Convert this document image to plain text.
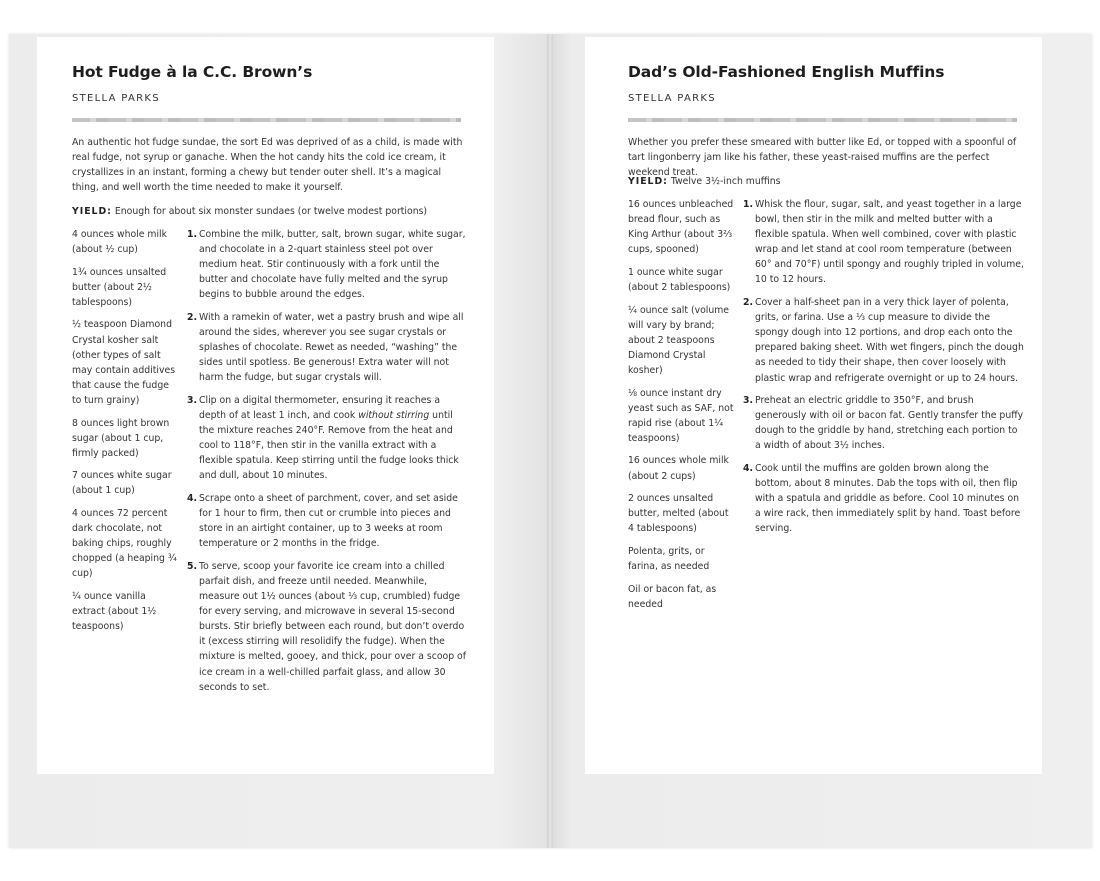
Hot Fudge à la C.C. Brown’s
STELLA PARKS

An authentic hot fudge sundae, the sort Ed was deprived of as a child, is made with real fudge, not syrup or ganache. When the hot candy hits the cold ice cream, it crystallizes in an instant, forming a chewy but tender outer shell. It’s a magical thing, and well worth the time needed to make it yourself.

YIELD: Enough for about six monster sundaes (or twelve modest portions)
4 ounces whole milk (about ½ cup)
1¾ ounces unsalted butter (about 2½ tablespoons)
½ teaspoon Diamond Crystal kosher salt (other types of salt may contain additives that cause the fudge to turn grainy)
8 ounces light brown sugar (about 1 cup, firmly packed)
7 ounces white sugar (about 1 cup)
4 ounces 72 percent dark chocolate, not baking chips, roughly chopped (a heaping ¾ cup)
¼ ounce vanilla extract (about 1½ teaspoons)
1. Combine the milk, butter, salt, brown sugar, white sugar, and chocolate in a 2-quart stainless steel pot over medium heat. Stir continuously with a fork until the butter and chocolate have fully melted and the syrup begins to bubble around the edges.
2. With a ramekin of water, wet a pastry brush and wipe all around the sides, wherever you see sugar crystals or splashes of chocolate. Rewet as needed, “washing” the sides until spotless. Be generous! Extra water will not harm the fudge, but sugar crystals will.
3. Clip on a digital thermometer, ensuring it reaches a depth of at least 1 inch, and cook without stirring until the mixture reaches 240°F. Remove from the heat and cool to 118°F, then stir in the vanilla extract with a flexible spatula. Keep stirring until the fudge looks thick and dull, about 10 minutes.
4. Scrape onto a sheet of parchment, cover, and set aside for 1 hour to firm, then cut or crumble into pieces and store in an airtight container, up to 3 weeks at room temperature or 2 months in the fridge.
5. To serve, scoop your favorite ice cream into a chilled parfait dish, and freeze until needed. Meanwhile, measure out 1½ ounces (about ⅓ cup, crumbled) fudge for every serving, and microwave in several 15-second bursts. Stir briefly between each round, but don’t overdo it (excess stirring will resolidify the fudge). When the mixture is melted, gooey, and thick, pour over a scoop of ice cream in a well-chilled parfait glass, and allow 30 seconds to set.
Dad’s Old-Fashioned English Muffins
STELLA PARKS

Whether you prefer these smeared with butter like Ed, or topped with a spoonful of tart lingonberry jam like his father, these yeast-raised muffins are the perfect weekend treat.

YIELD: Twelve 3½-inch muffins
16 ounces unbleached bread flour, such as King Arthur (about 3⅔ cups, spooned)
1 ounce white sugar (about 2 tablespoons)
¼ ounce salt (volume will vary by brand; about 2 teaspoons Diamond Crystal kosher)
⅛ ounce instant dry yeast such as SAF, not rapid rise (about 1¼ teaspoons)
16 ounces whole milk (about 2 cups)
2 ounces unsalted butter, melted (about 4 tablespoons)
Polenta, grits, or farina, as needed
Oil or bacon fat, as needed
1. Whisk the flour, sugar, salt, and yeast together in a large bowl, then stir in the milk and melted butter with a flexible spatula. When well combined, cover with plastic wrap and let stand at cool room temperature (between 60° and 70°F) until spongy and roughly tripled in volume, 10 to 12 hours.
2. Cover a half-sheet pan in a very thick layer of polenta, grits, or farina. Use a ⅓ cup measure to divide the spongy dough into 12 portions, and drop each onto the prepared baking sheet. With wet fingers, pinch the dough as needed to tidy their shape, then cover loosely with plastic wrap and refrigerate overnight or up to 24 hours.
3. Preheat an electric griddle to 350°F, and brush generously with oil or bacon fat. Gently transfer the puffy dough to the griddle by hand, stretching each portion to a width of about 3½ inches.
4. Cook until the muffins are golden brown along the bottom, about 8 minutes. Dab the tops with oil, then flip with a spatula and griddle as before. Cool 10 minutes on a wire rack, then immediately split by hand. Toast before serving.
